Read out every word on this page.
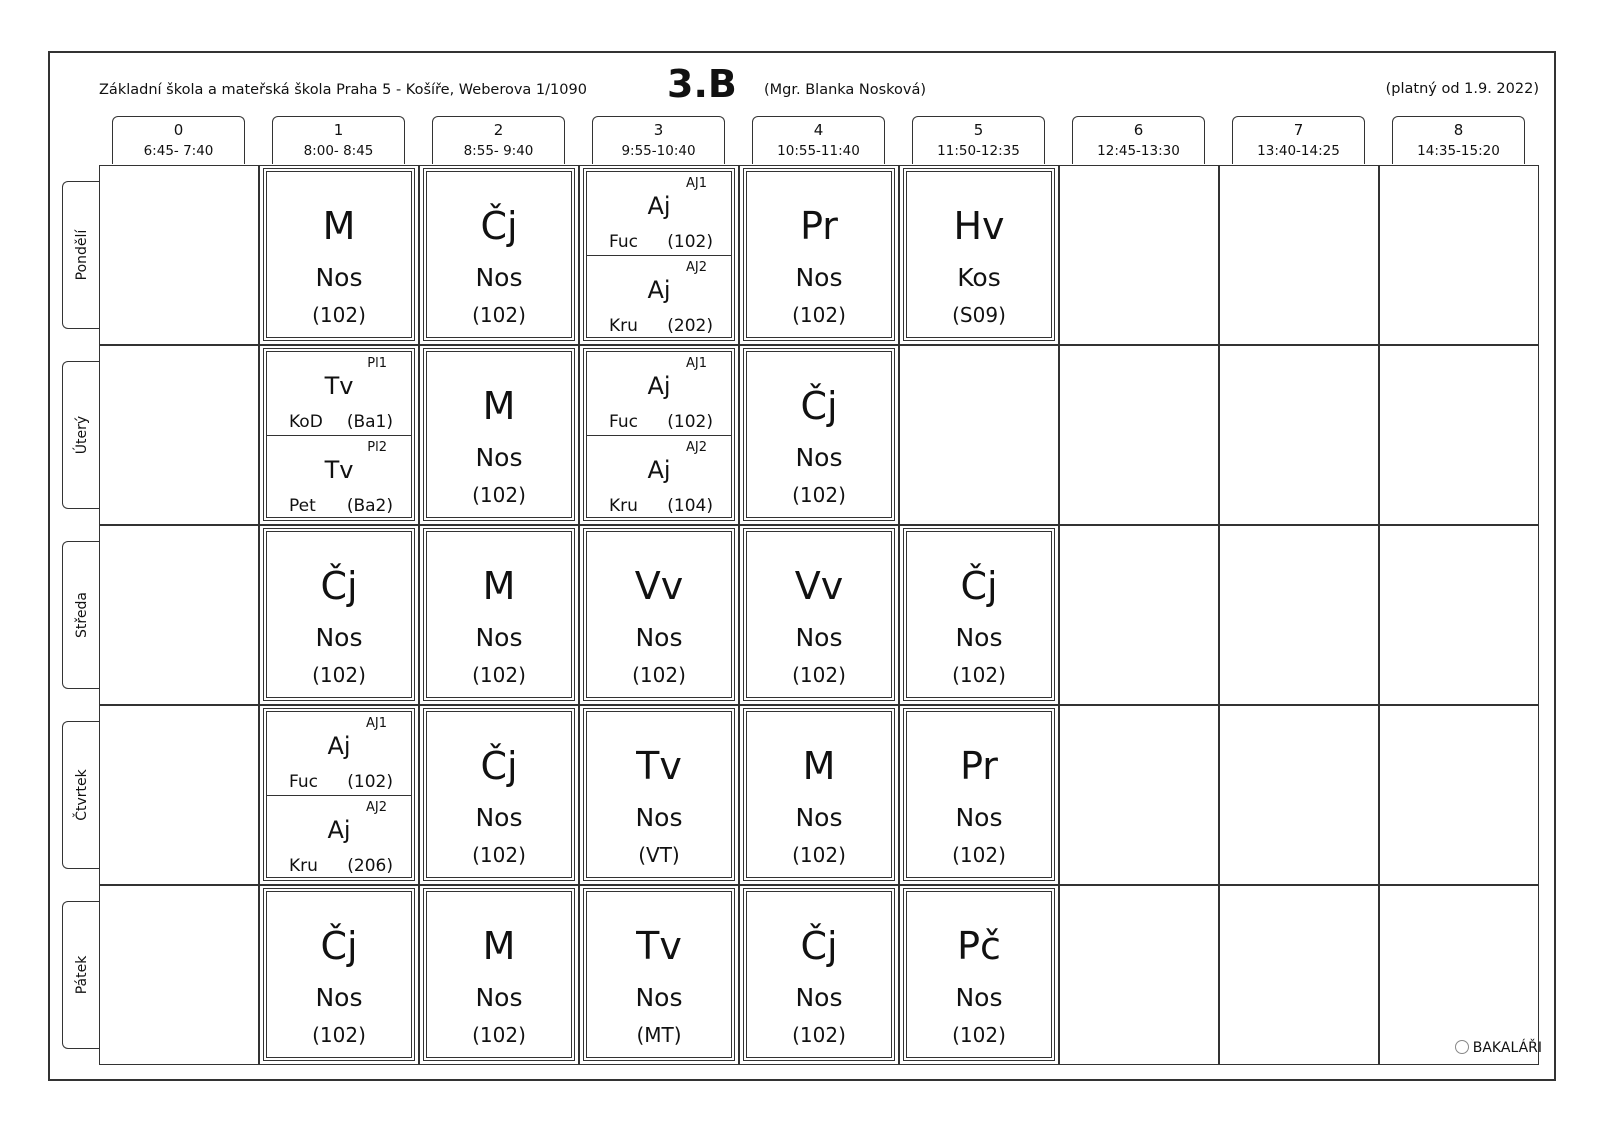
Základní škola a mateřská škola Praha 5 - Košíře, Weberova 1/1090 3.B (Mgr. Blanka Nosková)	(platný od 1.9. 2022)
0
6:45- 7:40
1
8:00- 8:45
2
8:55- 9:40
3
9:55-10:40
4
10:55-11:40
5
11:50-12:35
6
12:45-13:30
7
13:40-14:25
8
14:35-15:20
Pondělí
Úterý
Středa
Čtvrtek
Pátek
M
Nos
(102)
Čj
Nos
(102)
AJ1
Aj
Fuc (102)
AJ2
Aj
Kru (202)
Pr
Nos
(102)
Hv
Kos
(S09)
Pl1
Tv
KoD (Ba1)
Pl2
Tv
Pet (Ba2)
M
Nos
(102)
AJ1
Aj
Fuc (102)
AJ2
Aj
Kru (104)
Čj
Nos
(102)
Čj
Nos
(102)
M
Nos
(102)
Vv
Nos
(102)
Vv
Nos
(102)
Čj
Nos
(102)
AJ1
Aj
Fuc (102)
AJ2
Aj
Kru (206)
Čj
Nos
(102)
Tv
Nos
(VT)
M
Nos
(102)
Pr
Nos
(102)
Čj
Nos
(102)
M
Nos
(102)
Tv
Nos
(MT)
Čj
Nos
(102)
Pč
Nos
(102)
BAKALÁŘI
